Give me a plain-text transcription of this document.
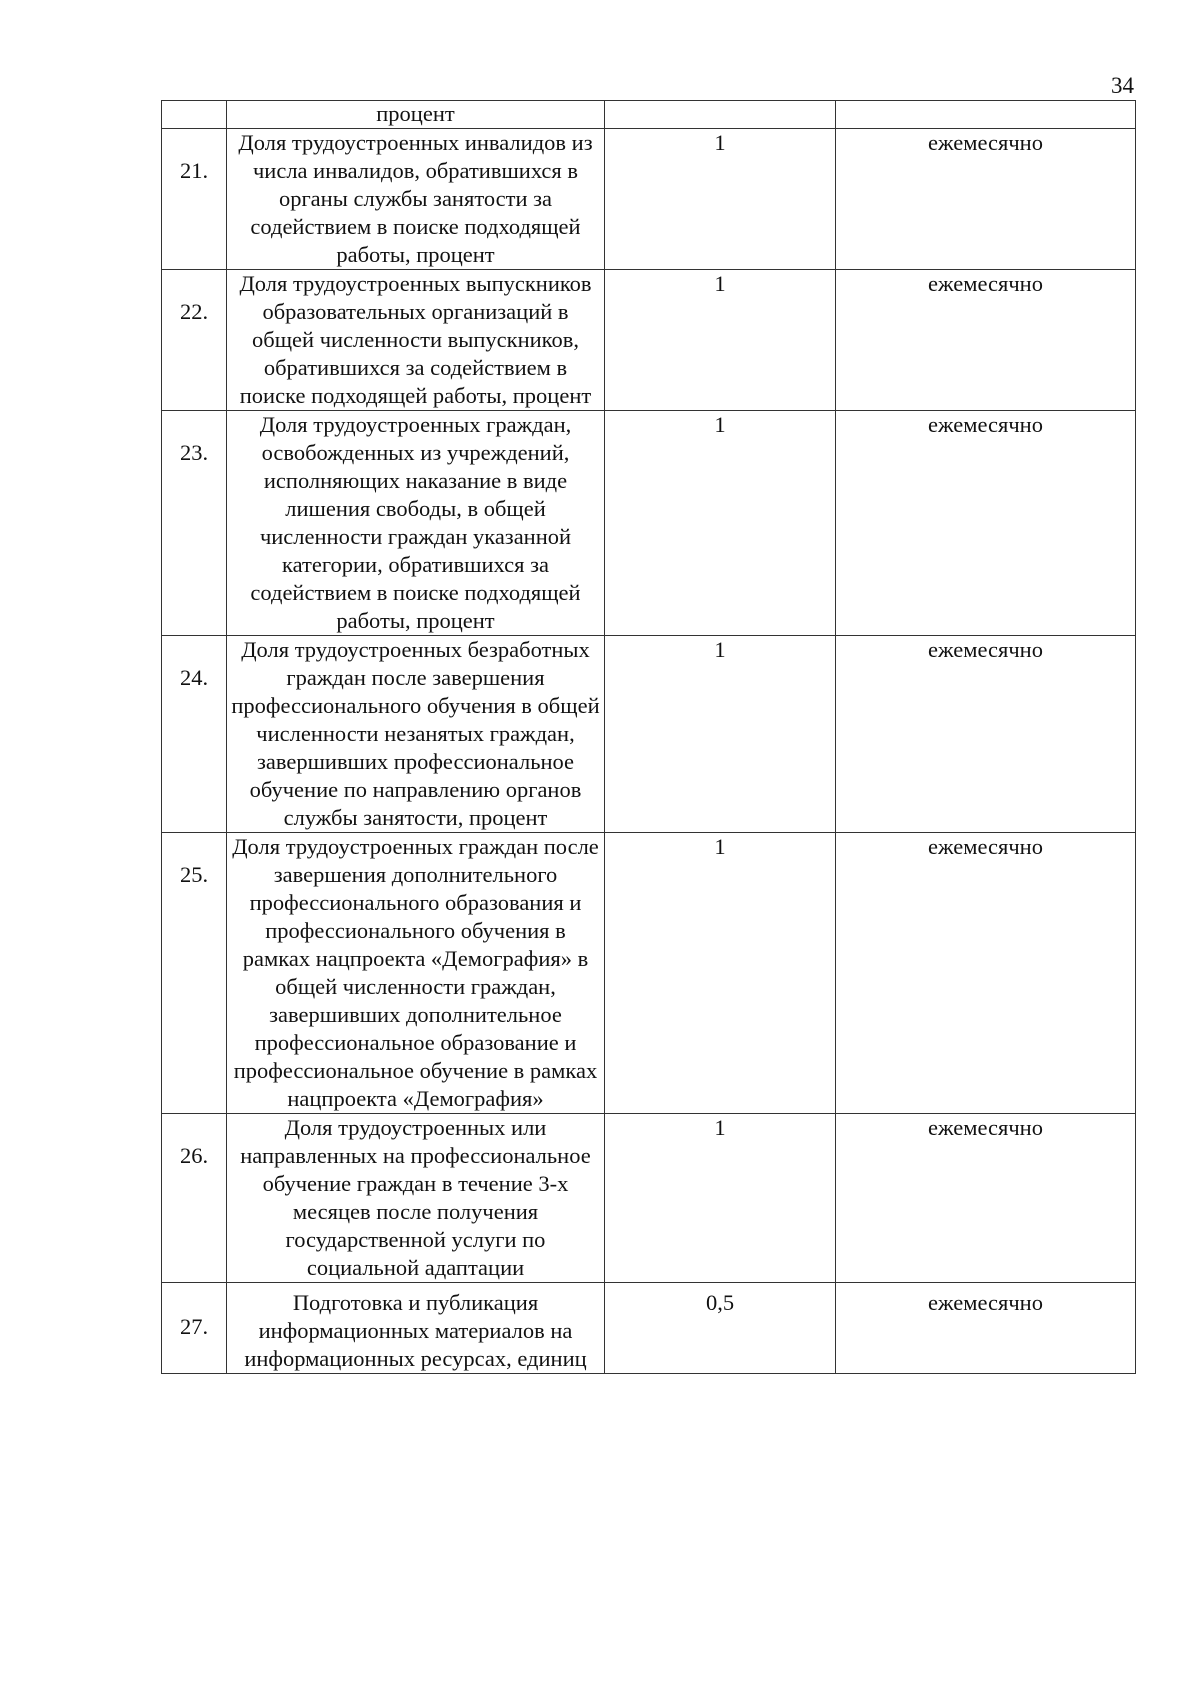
34
	процент		
21.	Доля трудоустроенных инвалидов из числа инвалидов, обратившихся в органы службы занятости за содействием в поиске подходящей работы, процент	1	ежемесячно
22.	Доля трудоустроенных выпускников образовательных организаций в общей численности выпускников, обратившихся за содействием в поиске подходящей работы, процент	1	ежемесячно
23.	Доля трудоустроенных граждан, освобожденных из учреждений, исполняющих наказание в виде лишения свободы, в общей численности граждан указанной категории, обратившихся за содействием в поиске подходящей работы, процент	1	ежемесячно
24.	Доля трудоустроенных безработных граждан после завершения профессионального обучения в общей численности незанятых граждан, завершивших профессиональное обучение по направлению органов службы занятости, процент	1	ежемесячно
25.	Доля трудоустроенных граждан после завершения дополнительного профессионального образования и профессионального обучения в рамках нацпроекта «Демография» в общей численности граждан, завершивших дополнительное профессиональное образование и профессиональное обучение в рамках нацпроекта «Демография»	1	ежемесячно
26.	Доля трудоустроенных или направленных на профессиональное обучение граждан в течение 3-х месяцев после получения государственной услуги по социальной адаптации	1	ежемесячно
27.	Подготовка и публикация информационных материалов на информационных ресурсах, единиц	0,5	ежемесячно
